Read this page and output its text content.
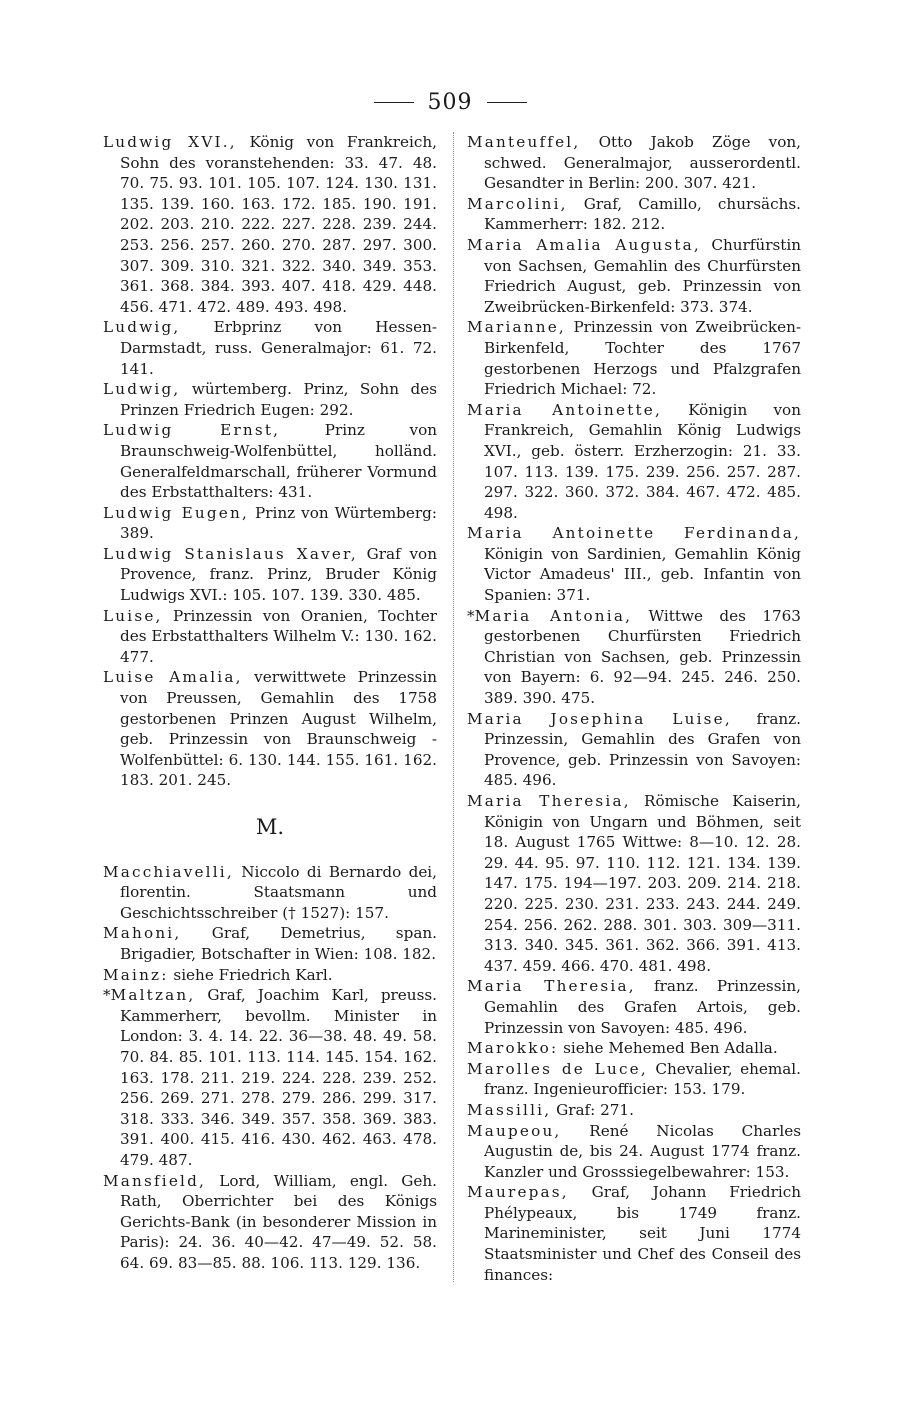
509

Ludwig XVI., König von Frankreich, Sohn des voranstehenden: 33. 47. 48. 70. 75. 93. 101. 105. 107. 124. 130. 131. 135. 139. 160. 163. 172. 185. 190. 191. 202. 203. 210. 222. 227. 228. 239. 244. 253. 256. 257. 260. 270. 287. 297. 300. 307. 309. 310. 321. 322. 340. 349. 353. 361. 368. 384. 393. 407. 418. 429. 448. 456. 471. 472. 489. 493. 498.

Ludwig, Erbprinz von Hessen-Darmstadt, russ. Generalmajor: 61. 72. 141.

Ludwig, würtemberg. Prinz, Sohn des Prinzen Friedrich Eugen: 292.

Ludwig Ernst, Prinz von Braunschweig-Wolfenbüttel, holländ. Generalfeldmarschall, früherer Vormund des Erbstatthalters: 431.

Ludwig Eugen, Prinz von Würtemberg: 389.

Ludwig Stanislaus Xaver, Graf von Provence, franz. Prinz, Bruder König Ludwigs XVI.: 105. 107. 139. 330. 485.

Luise, Prinzessin von Oranien, Tochter des Erbstatthalters Wilhelm V.: 130. 162. 477.

Luise Amalia, verwittwete Prinzessin von Preussen, Gemahlin des 1758 gestorbenen Prinzen August Wilhelm, geb. Prinzessin von Braunschweig - Wolfenbüttel: 6. 130. 144. 155. 161. 162. 183. 201. 245.

M.

Macchiavelli, Niccolo di Bernardo dei, florentin. Staatsmann und Geschichtsschreiber († 1527): 157.

Mahoni, Graf, Demetrius, span. Brigadier, Botschafter in Wien: 108. 182.

Mainz: siehe Friedrich Karl.

*Maltzan, Graf, Joachim Karl, preuss. Kammerherr, bevollm. Minister in London: 3. 4. 14. 22. 36—38. 48. 49. 58. 70. 84. 85. 101. 113. 114. 145. 154. 162. 163. 178. 211. 219. 224. 228. 239. 252. 256. 269. 271. 278. 279. 286. 299. 317. 318. 333. 346. 349. 357. 358. 369. 383. 391. 400. 415. 416. 430. 462. 463. 478. 479. 487.

Mansfield, Lord, William, engl. Geh. Rath, Oberrichter bei des Königs Gerichts-Bank (in besonderer Mission in Paris): 24. 36. 40—42. 47—49. 52. 58. 64. 69. 83—85. 88. 106. 113. 129. 136.

Manteuffel, Otto Jakob Zöge von, schwed. Generalmajor, ausserordentl. Gesandter in Berlin: 200. 307. 421.

Marcolini, Graf, Camillo, chursächs. Kammerherr: 182. 212.

Maria Amalia Augusta, Churfürstin von Sachsen, Gemahlin des Churfürsten Friedrich August, geb. Prinzessin von Zweibrücken-Birkenfeld: 373. 374.

Marianne, Prinzessin von Zweibrücken-Birkenfeld, Tochter des 1767 gestorbenen Herzogs und Pfalzgrafen Friedrich Michael: 72.

Maria Antoinette, Königin von Frankreich, Gemahlin König Ludwigs XVI., geb. österr. Erzherzogin: 21. 33. 107. 113. 139. 175. 239. 256. 257. 287. 297. 322. 360. 372. 384. 467. 472. 485. 498.

Maria Antoinette Ferdinanda, Königin von Sardinien, Gemahlin König Victor Amadeus' III., geb. Infantin von Spanien: 371.

*Maria Antonia, Wittwe des 1763 gestorbenen Churfürsten Friedrich Christian von Sachsen, geb. Prinzessin von Bayern: 6. 92—94. 245. 246. 250. 389. 390. 475.

Maria Josephina Luise, franz. Prinzessin, Gemahlin des Grafen von Provence, geb. Prinzessin von Savoyen: 485. 496.

Maria Theresia, Römische Kaiserin, Königin von Ungarn und Böhmen, seit 18. August 1765 Wittwe: 8—10. 12. 28. 29. 44. 95. 97. 110. 112. 121. 134. 139. 147. 175. 194—197. 203. 209. 214. 218. 220. 225. 230. 231. 233. 243. 244. 249. 254. 256. 262. 288. 301. 303. 309—311. 313. 340. 345. 361. 362. 366. 391. 413. 437. 459. 466. 470. 481. 498.

Maria Theresia, franz. Prinzessin, Gemahlin des Grafen Artois, geb. Prinzessin von Savoyen: 485. 496.

Marokko: siehe Mehemed Ben Adalla.

Marolles de Luce, Chevalier, ehemal. franz. Ingenieurofficier: 153. 179.

Massilli, Graf: 271.

Maupeou, René Nicolas Charles Augustin de, bis 24. August 1774 franz. Kanzler und Grosssiegelbewahrer: 153.

Maurepas, Graf, Johann Friedrich Phélypeaux, bis 1749 franz. Marineminister, seit Juni 1774 Staatsminister und Chef des Conseil des finances:
